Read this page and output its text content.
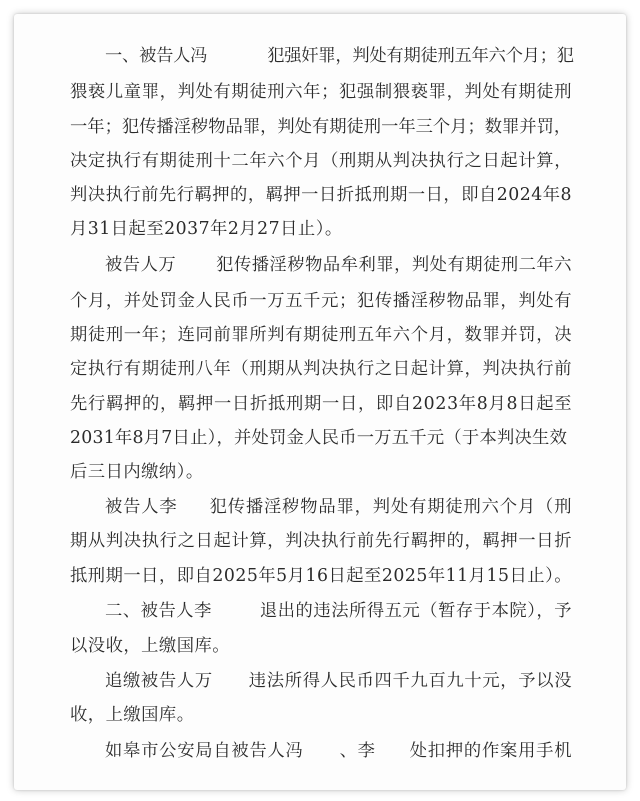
一、被告人冯	犯强奸罪，判处有期徒刑五年六个月；犯
猥亵儿童罪，判处有期徒刑六年；犯强制猥亵罪，判处有期徒刑
一年；犯传播淫秽物品罪，判处有期徒刑一年三个月；数罪并罚，
决定执行有期徒刑十二年六个月（刑期从判决执行之日起计算，
判决执行前先行羁押的，羁押一日折抵刑期一日，即自2024年8
月31日起至2037年2月27日止）。
被告人万 犯传播淫秽物品牟利罪，判处有期徒刑二年六
个月，并处罚金人民币一万五千元；犯传播淫秽物品罪，判处有
期徒刑一年；连同前罪所判有期徒刑五年六个月，数罪并罚，决
定执行有期徒刑八年（刑期从判决执行之日起计算，判决执行前
先行羁押的，羁押一日折抵刑期一日，即自2023年8月8日起至
2031年8月7日止），并处罚金人民币一万五千元（于本判决生效
后三日内缴纳）。
被告人李 犯传播淫秽物品罪，判处有期徒刑六个月（刑
期从判决执行之日起计算，判决执行前先行羁押的，羁押一日折
抵刑期一日，即自2025年5月16日起至2025年11月15日止）。
二、被告人李	退出的违法所得五元（暂存于本院），予
以没收，上缴国库。
追缴被告人万 违法所得人民币四千九百九十元，予以没
收，上缴国库。
如皋市公安局自被告人冯 、李 处扣押的作案用手机
